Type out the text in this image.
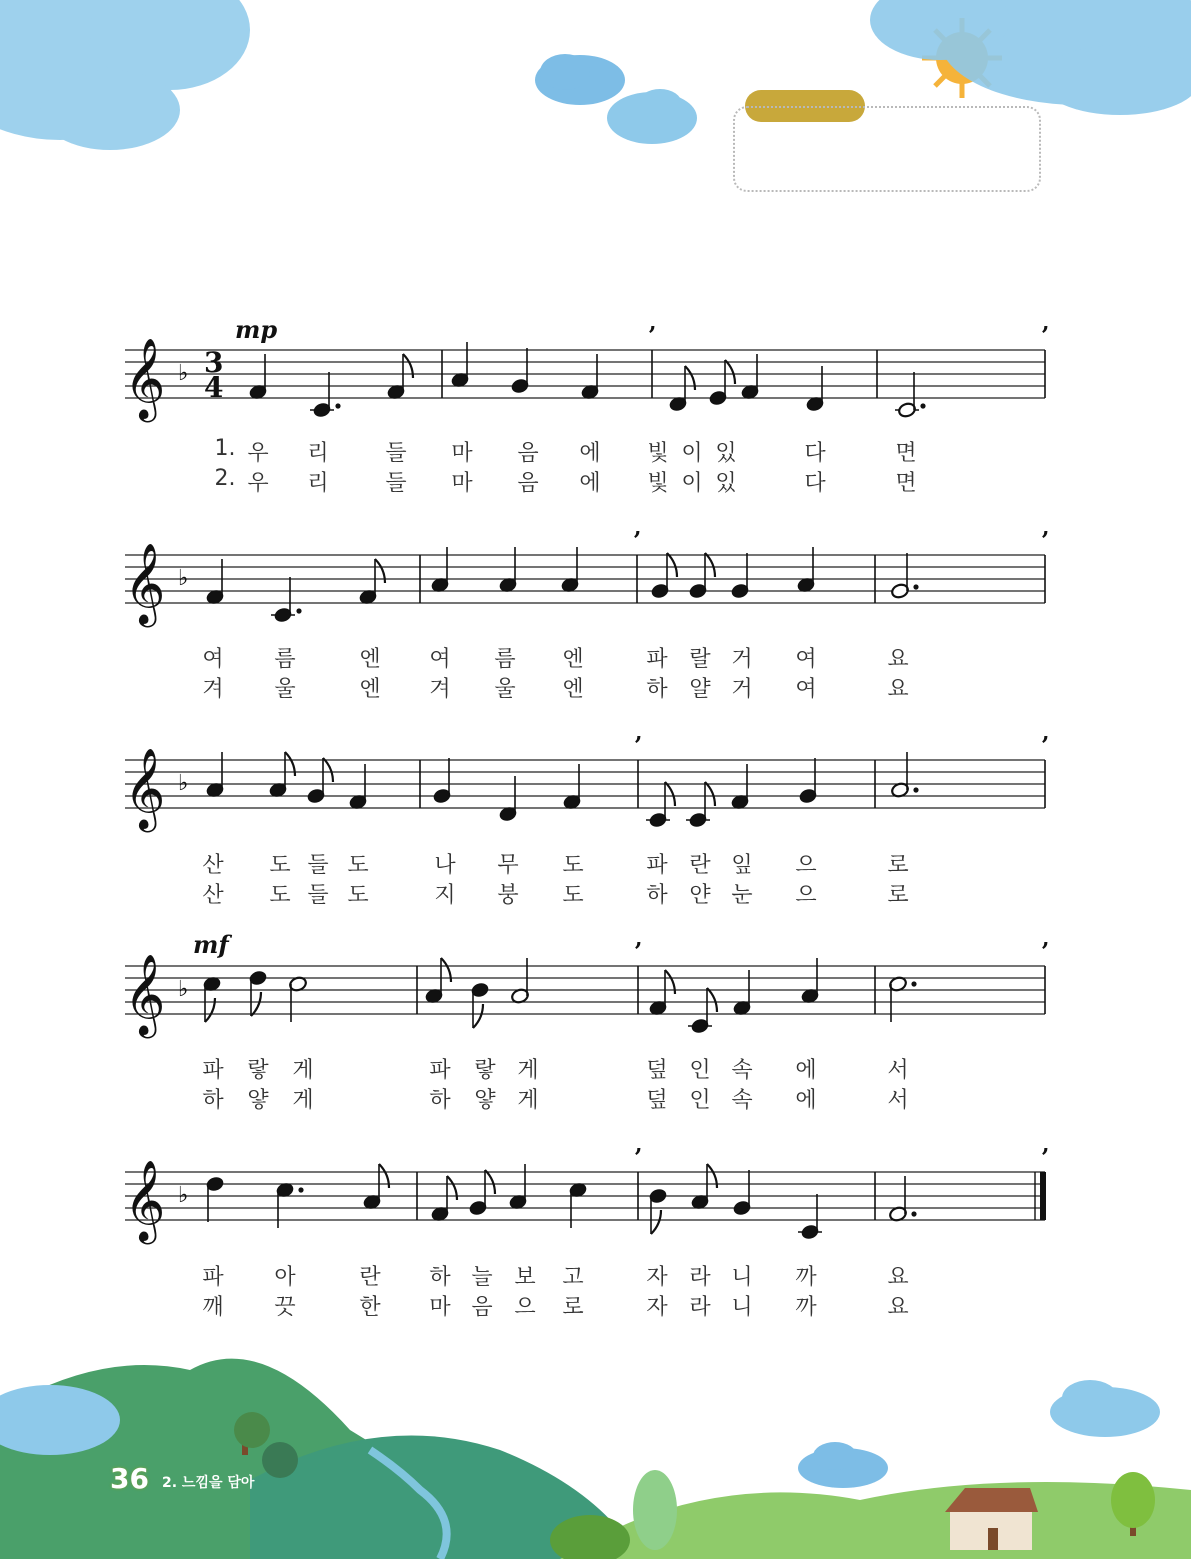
𝄞 ♭ 3
4
’	’
mp
𝄞 ♭
’	’
𝄞 ♭
’	’
𝄞 ♭
’	’
mf
𝄞 ♭
’	’
1. 우 리	들 마 음 에 빛 이 있	다	면
2. 우 리	들 마 음 에 빛 이 있	다	면
여 름	엔 여 름 엔	파 랄 거 여	요
겨 울	엔 겨 울 엔	하 얄 거 여	요
산 도 들 도	나 무 도	파 란 잎 으	로
산 도 들 도	지 붕 도	하 얀 눈 으	로
파 랗 게	파 랗 게	덮 인 속 에	서
하 얗 게	하 얗 게	덮 인 속 에	서
파 아	란 하 늘 보 고	자 라 니 까	요
깨 끗	한 마 음 으 로	자 라 니 까	요
36 2. 느낌을 담아
